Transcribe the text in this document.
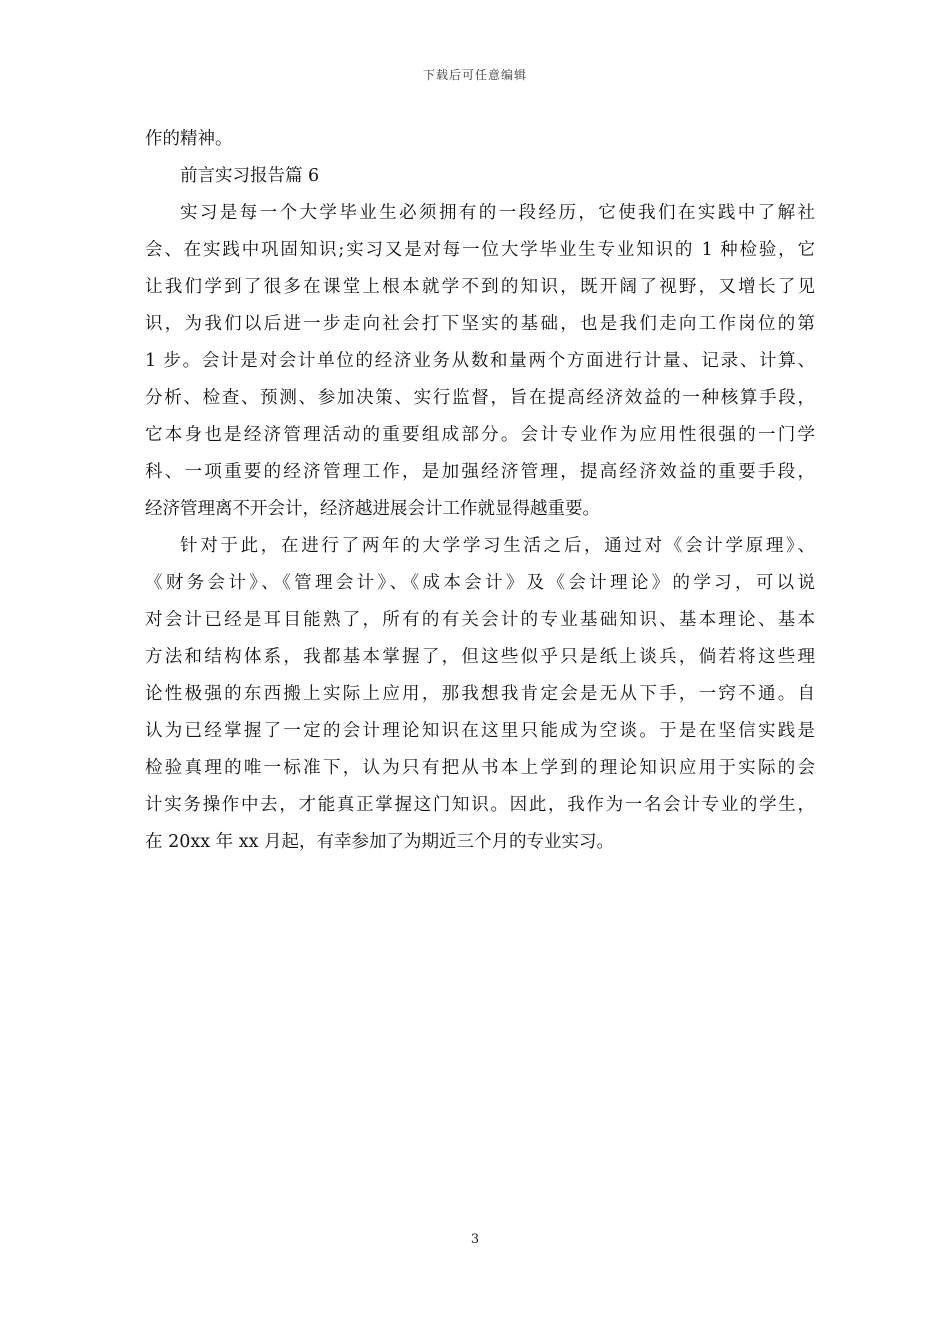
下载后可任意编辑
作的精神。
前言实习报告篇 6
实习是每一个大学毕业生必须拥有的一段经历，它使我们在实践中了解社
会、在实践中巩固知识;实习又是对每一位大学毕业生专业知识的 1 种检验，它
让我们学到了很多在课堂上根本就学不到的知识，既开阔了视野，又增长了见
识，为我们以后进一步走向社会打下坚实的基础，也是我们走向工作岗位的第
1 步。会计是对会计单位的经济业务从数和量两个方面进行计量、记录、计算、
分析、检查、预测、参加决策、实行监督，旨在提高经济效益的一种核算手段，
它本身也是经济管理活动的重要组成部分。会计专业作为应用性很强的一门学
科、一项重要的经济管理工作，是加强经济管理，提高经济效益的重要手段，
经济管理离不开会计，经济越进展会计工作就显得越重要。
针对于此，在进行了两年的大学学习生活之后，通过对《会计学原理》、
《财务会计》、《管理会计》、《成本会计》及《会计理论》的学习，可以说
对会计已经是耳目能熟了，所有的有关会计的专业基础知识、基本理论、基本
方法和结构体系，我都基本掌握了，但这些似乎只是纸上谈兵，倘若将这些理
论性极强的东西搬上实际上应用，那我想我肯定会是无从下手，一窍不通。自
认为已经掌握了一定的会计理论知识在这里只能成为空谈。于是在坚信实践是
检验真理的唯一标准下，认为只有把从书本上学到的理论知识应用于实际的会
计实务操作中去，才能真正掌握这门知识。因此，我作为一名会计专业的学生，
在 20xx 年 xx 月起，有幸参加了为期近三个月的专业实习。
3
